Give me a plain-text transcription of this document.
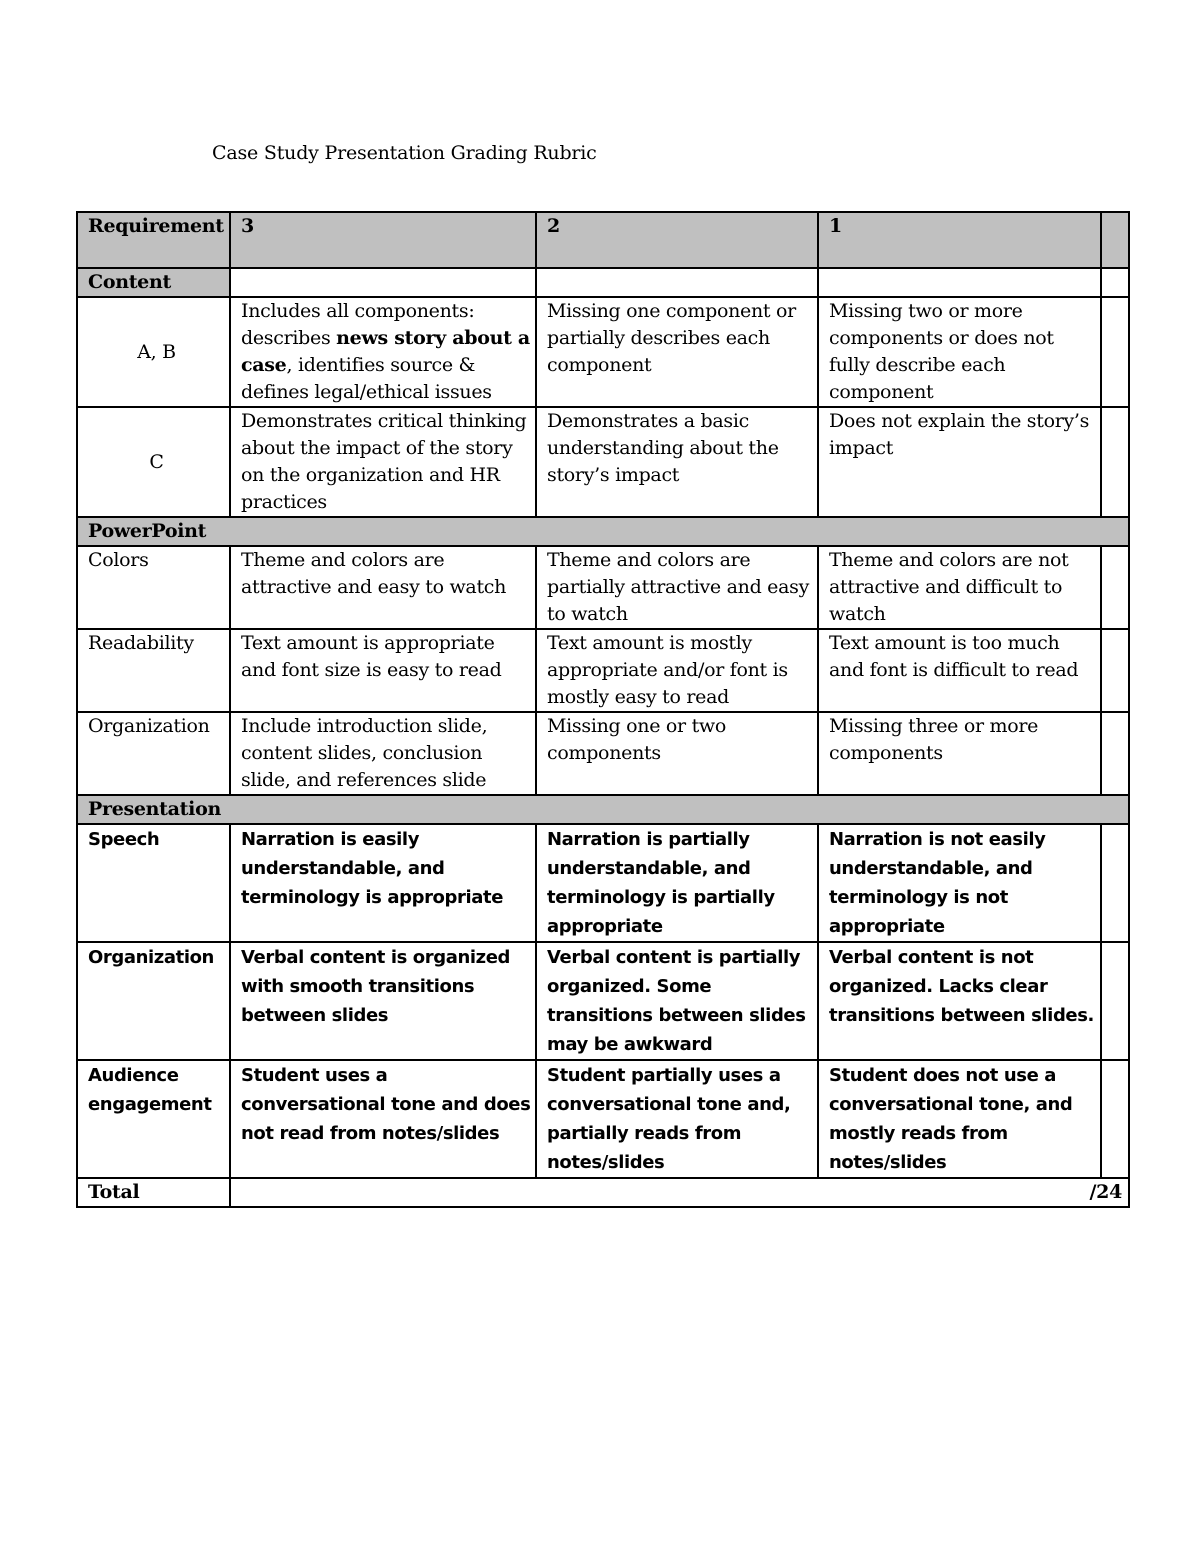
Case Study Presentation Grading Rubric
Requirement	3	2	1	
Content				
A, B	Includes all components: describes news story about a case, identifies source & defines legal/ethical issues	Missing one component or partially describes each component	Missing two or more components or does not fully describe each component	
C	Demonstrates critical thinking about the impact of the story on the organization and HR practices	Demonstrates a basic understanding about the story’s impact	Does not explain the story’s impact	
PowerPoint				
Colors	Theme and colors are attractive and easy to watch	Theme and colors are partially attractive and easy to watch	Theme and colors are not attractive and difficult to watch	
Readability	Text amount is appropriate and font size is easy to read	Text amount is mostly appropriate and/or font is mostly easy to read	Text amount is too much and font is difficult to read	
Organization	Include introduction slide, content slides, conclusion slide, and references slide	Missing one or two components	Missing three or more components	
Presentation				
Speech	Narration is easily understandable, and terminology is appropriate	Narration is partially understandable, and terminology is partially appropriate	Narration is not easily understandable, and terminology is not appropriate	
Organization	Verbal content is organized with smooth transitions between slides	Verbal content is partially organized. Some transitions between slides may be awkward	Verbal content is not organized. Lacks clear transitions between slides.	
Audience engagement	Student uses a conversational tone and does not read from notes/slides	Student partially uses a conversational tone and, partially reads from notes/slides	Student does not use a conversational tone, and mostly reads from notes/slides	
Total	/24			
